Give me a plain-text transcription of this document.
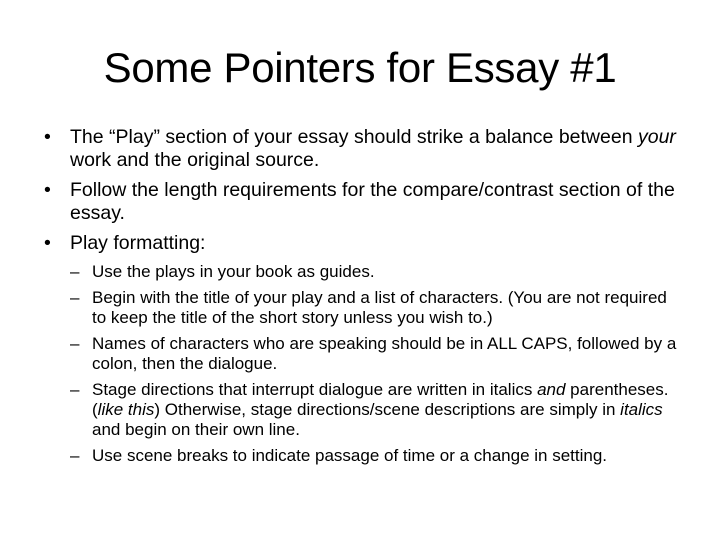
Some Pointers for Essay #1
• The “Play” section of your essay should strike a balance between your work and the original source.
• Follow the length requirements for the compare/contrast section of the essay.
• Play formatting:
– Use the plays in your book as guides.
– Begin with the title of your play and a list of characters. (You are not required to keep the title of the short story unless you wish to.)
– Names of characters who are speaking should be in ALL CAPS, followed by a colon, then the dialogue.
– Stage directions that interrupt dialogue are written in italics and parentheses. (like this) Otherwise, stage directions/scene descriptions are simply in italics and begin on their own line.
– Use scene breaks to indicate passage of time or a change in setting.
